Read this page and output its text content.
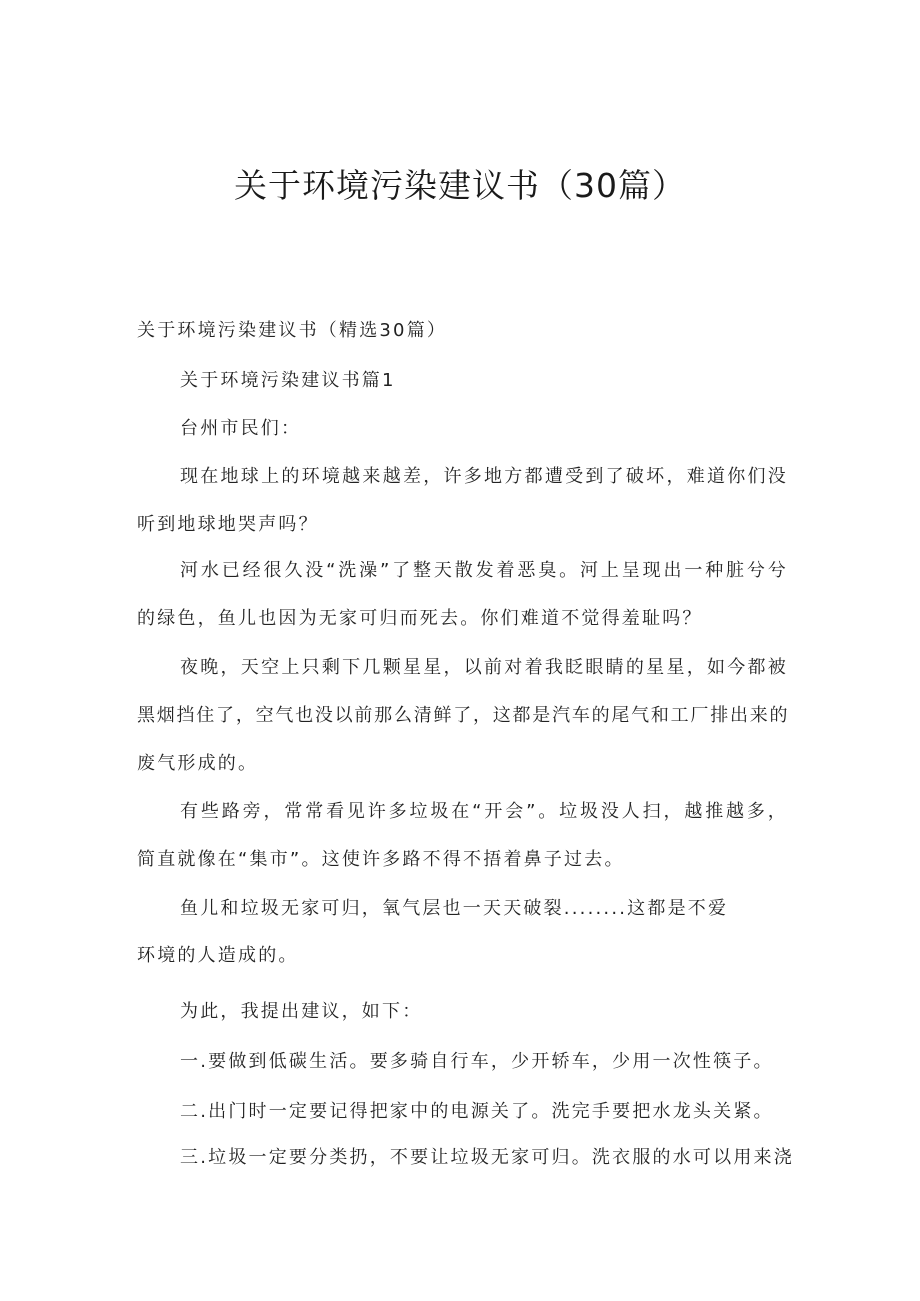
关于环境污染建议书（30篇）
关于环境污染建议书（精选30篇）
关于环境污染建议书篇1
台州市民们：
现在地球上的环境越来越差，许多地方都遭受到了破坏，难道你们没
听到地球地哭声吗？
河水已经很久没“洗澡”了整天散发着恶臭。河上呈现出一种脏兮兮
的绿色，鱼儿也因为无家可归而死去。你们难道不觉得羞耻吗？
夜晚，天空上只剩下几颗星星，以前对着我眨眼睛的星星，如今都被
黑烟挡住了，空气也没以前那么清鲜了，这都是汽车的尾气和工厂排出来的
废气形成的。
有些路旁，常常看见许多垃圾在“开会”。垃圾没人扫，越推越多，
简直就像在“集市”。这使许多路不得不捂着鼻子过去。
鱼儿和垃圾无家可归，氧气层也一天天破裂........这都是不爱
环境的人造成的。
为此，我提出建议，如下：
一.要做到低碳生活。要多骑自行车，少开轿车，少用一次性筷子。
二.出门时一定要记得把家中的电源关了。洗完手要把水龙头关紧。
三.垃圾一定要分类扔，不要让垃圾无家可归。洗衣服的水可以用来浇
